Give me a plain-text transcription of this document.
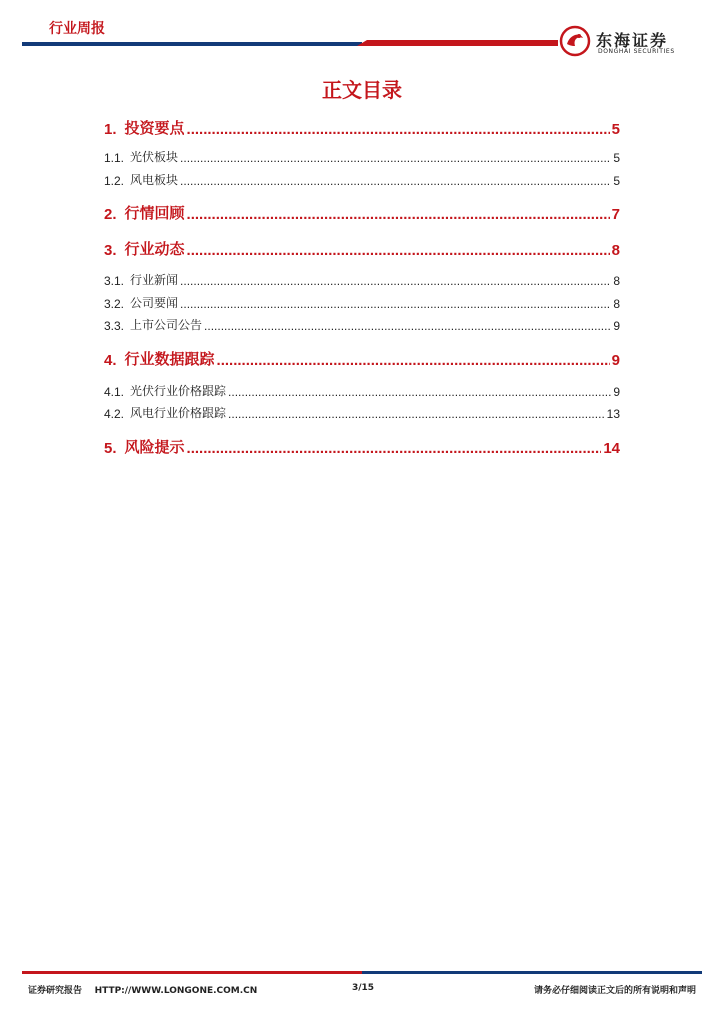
行业周报
东海证券
DONGHAI SECURITIES
正文目录
1. 投资要点 .....	5
1.1. 光伏板块 .....	5
1.2. 风电板块 .....	5
2. 行情回顾 .....	7
3. 行业动态 .....	8
3.1. 行业新闻 .....	8
3.2. 公司要闻 .....	8
3.3. 上市公司公告 .....	9
4. 行业数据跟踪 .....	9
4.1. 光伏行业价格跟踪 .....	9
4.2. 风电行业价格跟踪 .....	13
5. 风险提示 .....	14
证券研究报告 HTTP://WWW.LONGONE.COM.CN	3/15	请务必仔细阅读正文后的所有说明和声明
